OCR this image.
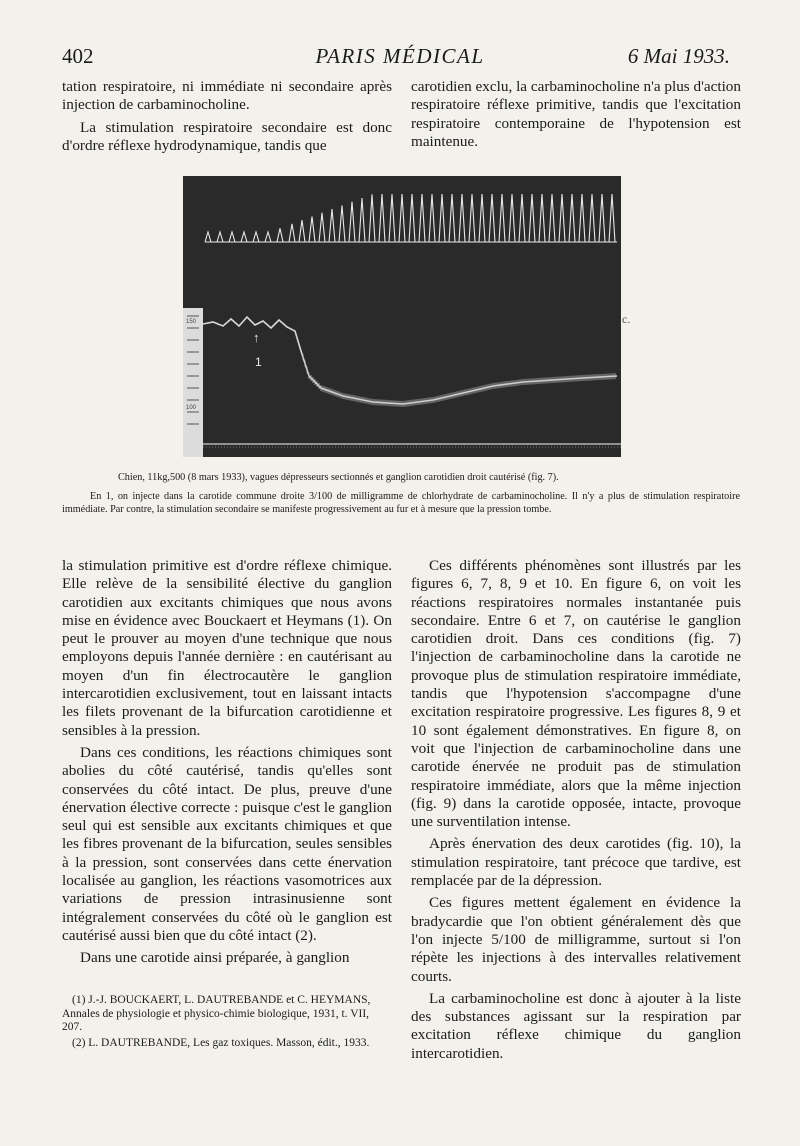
402	PARIS MÉDICAL	6 Mai 1933.

tation respiratoire, ni immédiate ni secondaire après injection de carbaminocholine.

La stimulation respiratoire secondaire est donc d'ordre réflexe hydrodynamique, tandis que

carotidien exclu, la carbaminocholine n'a plus d'action respiratoire réflexe primitive, tandis que l'excitation respiratoire contemporaine de l'hypotension est maintenue.

150
100
↑
1
c.
Chien, 11kg,500 (8 mars 1933), vagues dépresseurs sectionnés et ganglion carotidien droit cautérisé (fig. 7).
En 1, on injecte dans la carotide commune droite 3/100 de milligramme de chlorhydrate de carbaminocholine. Il n'y a plus de stimulation respiratoire immédiate. Par contre, la stimulation secondaire se manifeste progressivement au fur et à mesure que la pression tombe.

la stimulation primitive est d'ordre réflexe chimique. Elle relève de la sensibilité élective du ganglion carotidien aux excitants chimiques que nous avons mise en évidence avec Bouckaert et Heymans (1). On peut le prouver au moyen d'une technique que nous employons depuis l'année dernière : en cautérisant au moyen d'un fin électrocautère le ganglion intercarotidien exclusivement, tout en laissant intacts les filets provenant de la bifurcation carotidienne et sensibles à la pression.

Dans ces conditions, les réactions chimiques sont abolies du côté cautérisé, tandis qu'elles sont conservées du côté intact. De plus, preuve d'une énervation élective correcte : puisque c'est le ganglion seul qui est sensible aux excitants chimiques et que les fibres provenant de la bifurcation, seules sensibles à la pression, sont conservées dans cette énervation localisée au ganglion, les réactions vasomotrices aux variations de pression intrasinusienne sont intégralement conservées du côté où le ganglion est cautérisé aussi bien que du côté intact (2).

Dans une carotide ainsi préparée, à ganglion

(1) J.-J. BOUCKAERT, L. DAUTREBANDE et C. HEYMANS, Annales de physiologie et physico-chimie biologique, 1931, t. VII, 207.

(2) L. DAUTREBANDE, Les gaz toxiques. Masson, édit., 1933.

Ces différents phénomènes sont illustrés par les figures 6, 7, 8, 9 et 10. En figure 6, on voit les réactions respiratoires normales instantanée puis secondaire. Entre 6 et 7, on cautérise le ganglion carotidien droit. Dans ces conditions (fig. 7) l'injection de carbaminocholine dans la carotide ne provoque plus de stimulation respiratoire immédiate, tandis que l'hypotension s'accompagne d'une excitation respiratoire progressive. Les figures 8, 9 et 10 sont également démonstratives. En figure 8, on voit que l'injection de carbaminocholine dans une carotide énervée ne produit pas de stimulation respiratoire immédiate, alors que la même injection (fig. 9) dans la carotide opposée, intacte, provoque une surventilation intense.

Après énervation des deux carotides (fig. 10), la stimulation respiratoire, tant précoce que tardive, est remplacée par de la dépression.

Ces figures mettent également en évidence la bradycardie que l'on obtient généralement dès que l'on injecte 5/100 de milligramme, surtout si l'on répète les injections à des intervalles relativement courts.

La carbaminocholine est donc à ajouter à la liste des substances agissant sur la respiration par excitation réflexe chimique du ganglion intercarotidien.
